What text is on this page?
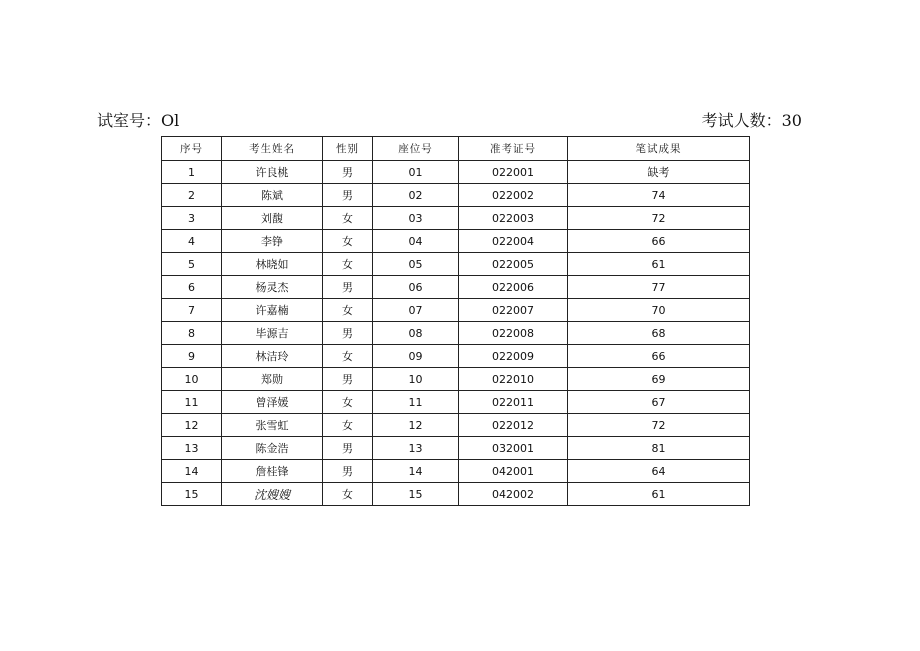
试室号：Ol	考试人数：30
序号	考生姓名	性别	座位号	准考证号	笔试成果
1	许良桃	男	01	022001	缺考
2	陈斌	男	02	022002	74
3	刘馥	女	03	022003	72
4	李铮	女	04	022004	66
5	林晓如	女	05	022005	61
6	杨灵杰	男	06	022006	77
7	许嘉楠	女	07	022007	70
8	毕源吉	男	08	022008	68
9	林洁玲	女	09	022009	66
10	郑勋	男	10	022010	69
11	曾泽媛	女	11	022011	67
12	张雪虹	女	12	022012	72
13	陈金浩	男	13	032001	81
14	詹桂锋	男	14	042001	64
15	沈嫂嫂	女	15	042002	61
